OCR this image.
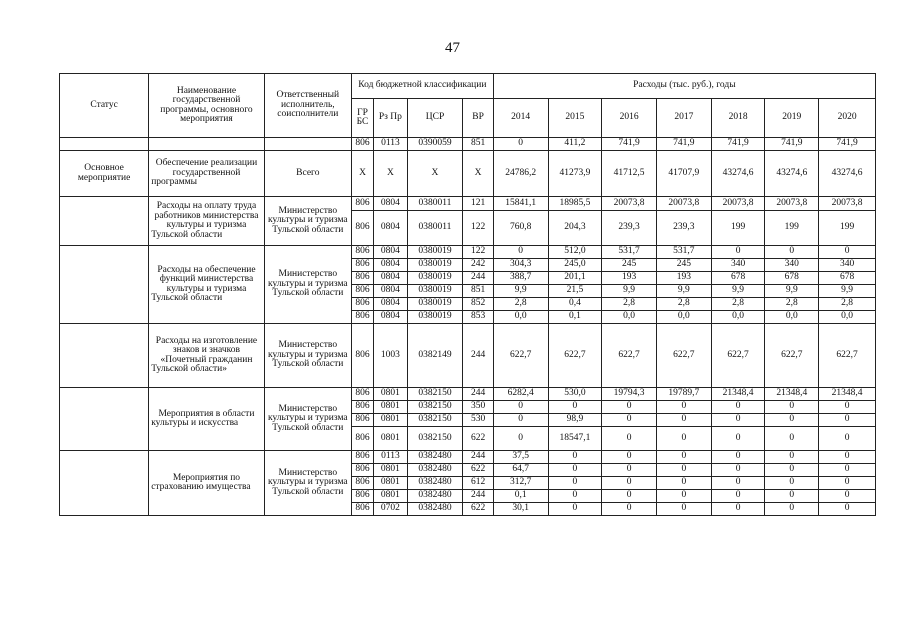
47
Статус	Наименование государственной программы, основного мероприятия	Ответственный исполнитель, соисполнители	Код бюджетной классификации				Расходы (тыс. руб.), годы						
			ГР БС	Рз Пр	ЦСР	ВР	2014	2015	2016	2017	2018	2019	2020
			806	0113	0390059	851	0	411,2	741,9	741,9	741,9	741,9	741,9
Основное мероприятие	Обеспечение реализации государственной программы	Всего	Х	Х	Х	Х	24786,2	41273,9	41712,5	41707,9	43274,6	43274,6	43274,6
	Расходы на оплату труда работников министерства культуры и туризма Тульской области	Министерство культуры и туризма Тульской области	806	0804	0380011	121	15841,1	18985,5	20073,8	20073,8	20073,8	20073,8	20073,8
			806	0804	0380011	122	760,8	204,3	239,3	239,3	199	199	199
	Расходы на обеспечение функций министерства культуры и туризма Тульской области	Министерство культуры и туризма Тульской области	806	0804	0380019	122	0	512,0	531,7	531,7	0	0	0
			806	0804	0380019	242	304,3	245,0	245	245	340	340	340
			806	0804	0380019	244	388,7	201,1	193	193	678	678	678
			806	0804	0380019	851	9,9	21,5	9,9	9,9	9,9	9,9	9,9
			806	0804	0380019	852	2,8	0,4	2,8	2,8	2,8	2,8	2,8
			806	0804	0380019	853	0,0	0,1	0,0	0,0	0,0	0,0	0,0
	Расходы на изготовление знаков и значков «Почетный гражданин Тульской области»	Министерство культуры и туризма Тульской области	806	1003	0382149	244	622,7	622,7	622,7	622,7	622,7	622,7	622,7
	Мероприятия в области культуры и искусства	Министерство культуры и туризма Тульской области	806	0801	0382150	244	6282,4	530,0	19794,3	19789,7	21348,4	21348,4	21348,4
			806	0801	0382150	350	0	0	0	0	0	0	0
			806	0801	0382150	530	0	98,9	0	0	0	0	0
			806	0801	0382150	622	0	18547,1	0	0	0	0	0
	Мероприятия по страхованию имущества	Министерство культуры и туризма Тульской области	806	0113	0382480	244	37,5	0	0	0	0	0	0
			806	0801	0382480	622	64,7	0	0	0	0	0	0
			806	0801	0382480	612	312,7	0	0	0	0	0	0
			806	0801	0382480	244	0,1	0	0	0	0	0	0
			806	0702	0382480	622	30,1	0	0	0	0	0	0
